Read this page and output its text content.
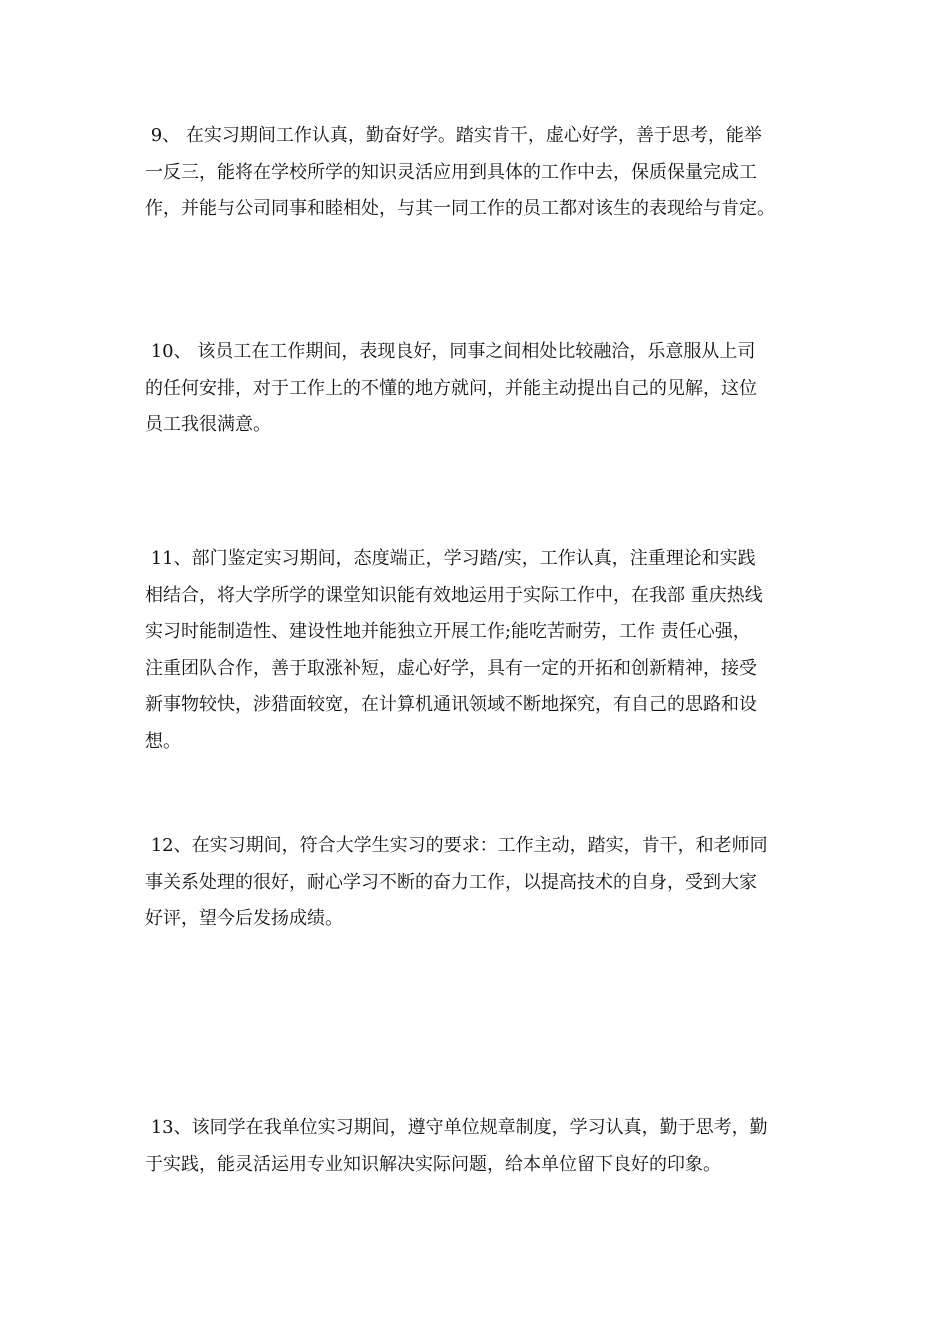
9、 在实习期间工作认真，勤奋好学。踏实肯干，虚心好学，善于思考，能举
一反三，能将在学校所学的知识灵活应用到具体的工作中去，保质保量完成工
作，并能与公司同事和睦相处，与其一同工作的员工都对该生的表现给与肯定。

10、 该员工在工作期间，表现良好，同事之间相处比较融洽，乐意服从上司
的任何安排，对于工作上的不懂的地方就问，并能主动提出自己的见解，这位
员工我很满意。

11、部门鉴定实习期间，态度端正，学习踏/实，工作认真，注重理论和实践
相结合，将大学所学的课堂知识能有效地运用于实际工作中，在我部 重庆热线
实习时能制造性、建设性地并能独立开展工作;能吃苦耐劳，工作 责任心强，
注重团队合作，善于取涨补短，虚心好学，具有一定的开拓和创新精神，接受
新事物较快，涉猎面较宽，在计算机通讯领域不断地探究，有自己的思路和设
想。

12、在实习期间，符合大学生实习的要求：工作主动，踏实，肯干，和老师同
事关系处理的很好，耐心学习不断的奋力工作，以提高技术的自身，受到大家
好评，望今后发扬成绩。

13、该同学在我单位实习期间，遵守单位规章制度，学习认真，勤于思考，勤
于实践，能灵活运用专业知识解决实际问题，给本单位留下良好的印象。
